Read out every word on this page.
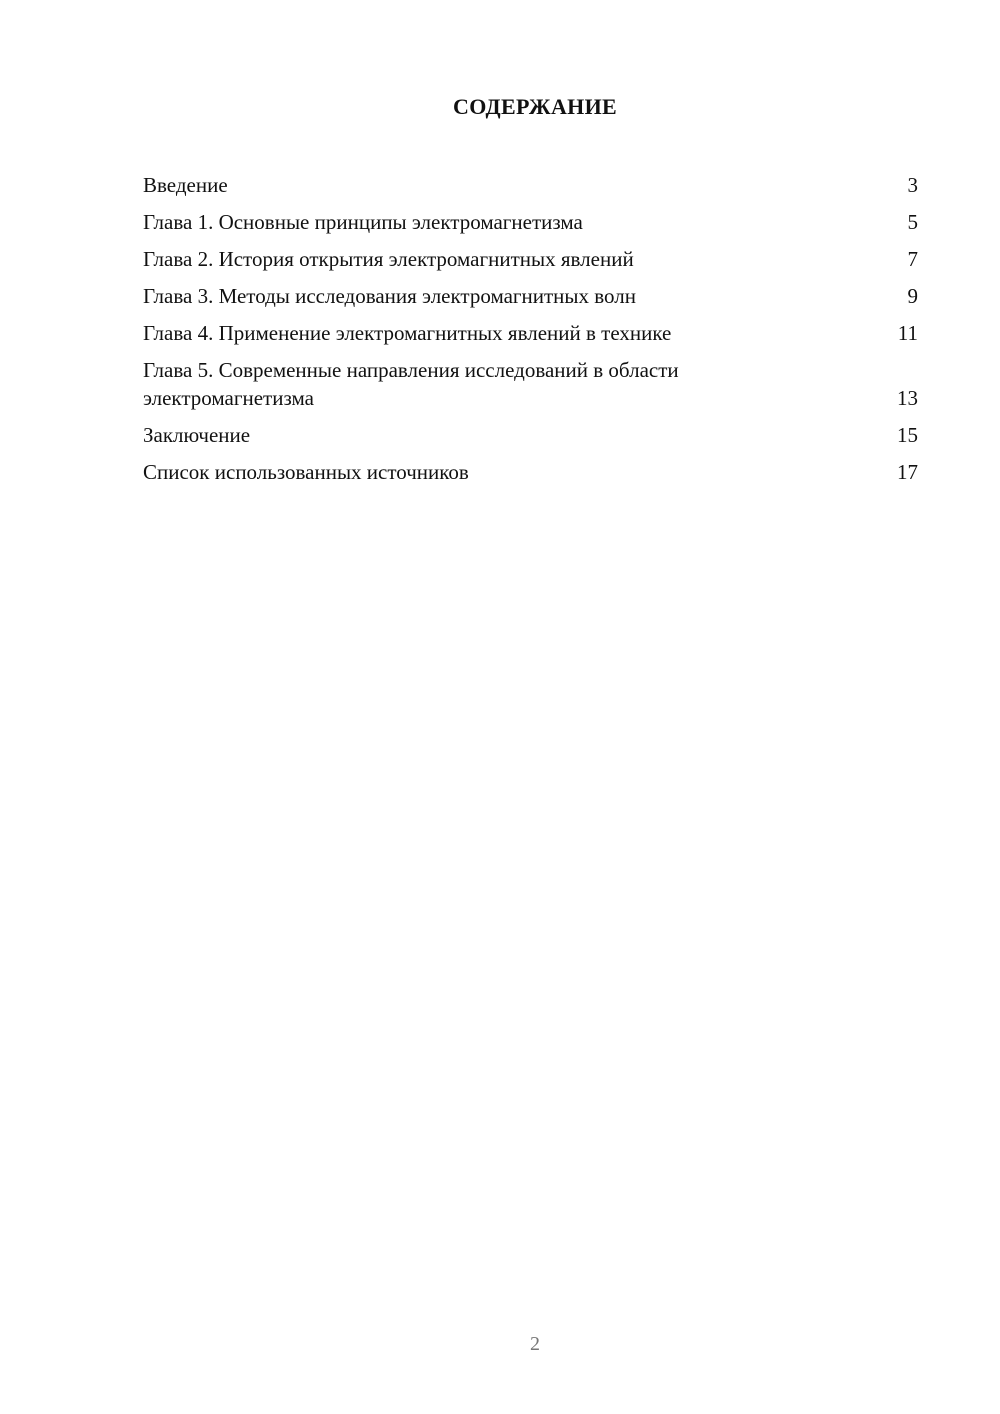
СОДЕРЖАНИЕ
Введение	3
Глава 1. Основные принципы электромагнетизма	5
Глава 2. История открытия электромагнитных явлений	7
Глава 3. Методы исследования электромагнитных волн	9
Глава 4. Применение электромагнитных явлений в технике	11
Глава 5. Современные направления исследований в области электромагнетизма	13
Заключение	15
Список использованных источников	17
2
